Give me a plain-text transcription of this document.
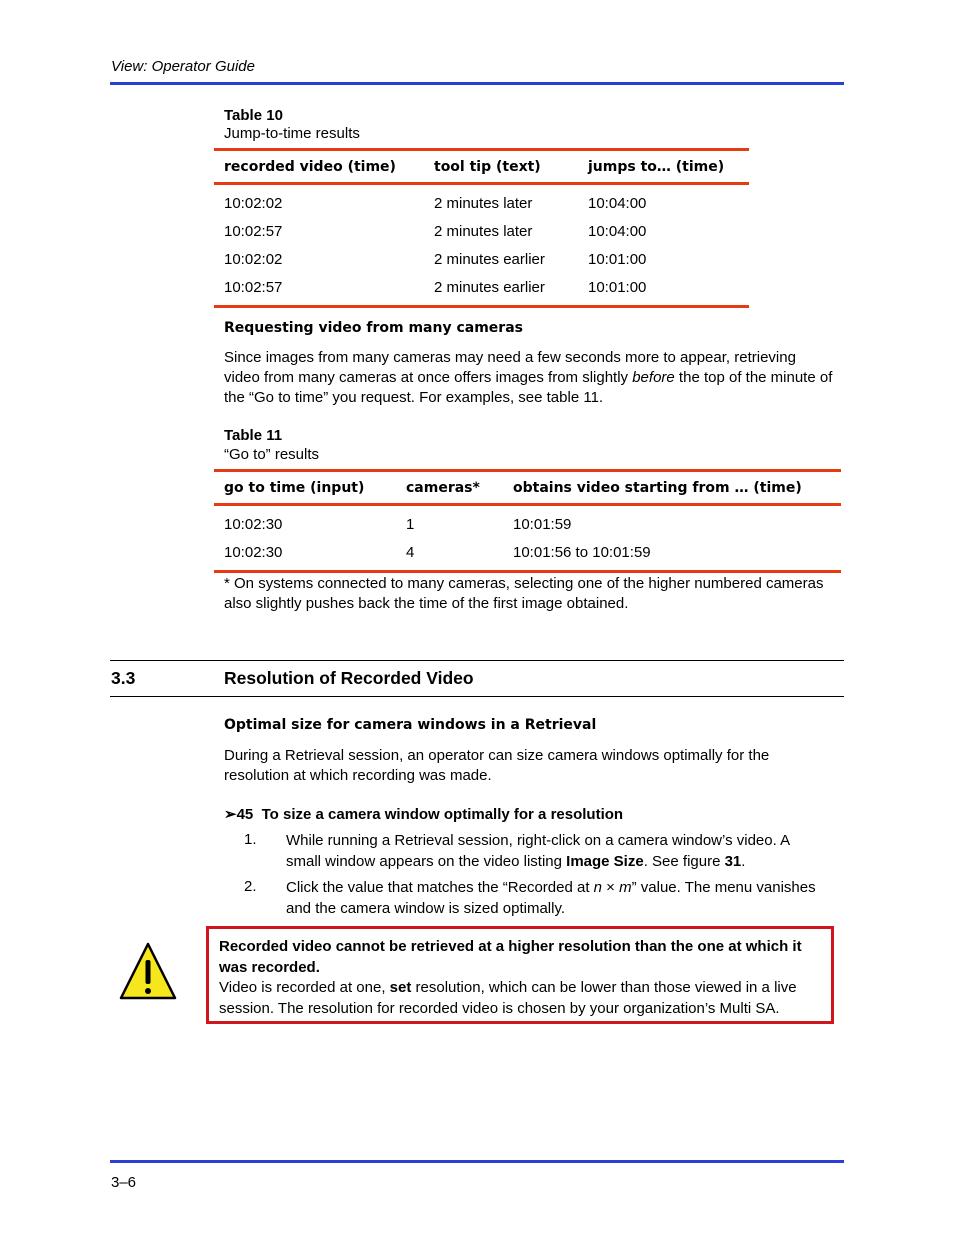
View: Operator Guide
Table 10
Jump-to-time results
recorded video (time)	tool tip (text)	jumps to… (time)
10:02:02	2 minutes later	10:04:00
10:02:57	2 minutes later	10:04:00
10:02:02	2 minutes earlier	10:01:00
10:02:57	2 minutes earlier	10:01:00
Requesting video from many cameras
Since images from many cameras may need a few seconds more to appear, retrieving video from many cameras at once offers images from slightly before the top of the minute of the “Go to time” you request. For examples, see table 11.
Table 11
“Go to” results
go to time (input)	cameras*	obtains video starting from … (time)
10:02:30	1	10:01:59
10:02:30	4	10:01:56 to 10:01:59
* On systems connected to many cameras, selecting one of the higher numbered cameras also slightly pushes back the time of the first image obtained.
3.3	Resolution of Recorded Video
Optimal size for camera windows in a Retrieval
During a Retrieval session, an operator can size camera windows optimally for the resolution at which recording was made.
➢45 To size a camera window optimally for a resolution
1. While running a Retrieval session, right-click on a camera window’s video. A small window appears on the video listing Image Size. See figure 31.
2. Click the value that matches the “Recorded at n × m” value. The menu vanishes and the camera window is sized optimally.
Recorded video cannot be retrieved at a higher resolution than the one at which it was recorded.
Video is recorded at one, set resolution, which can be lower than those viewed in a live session. The resolution for recorded video is chosen by your organization’s Multi SA.
3–6
